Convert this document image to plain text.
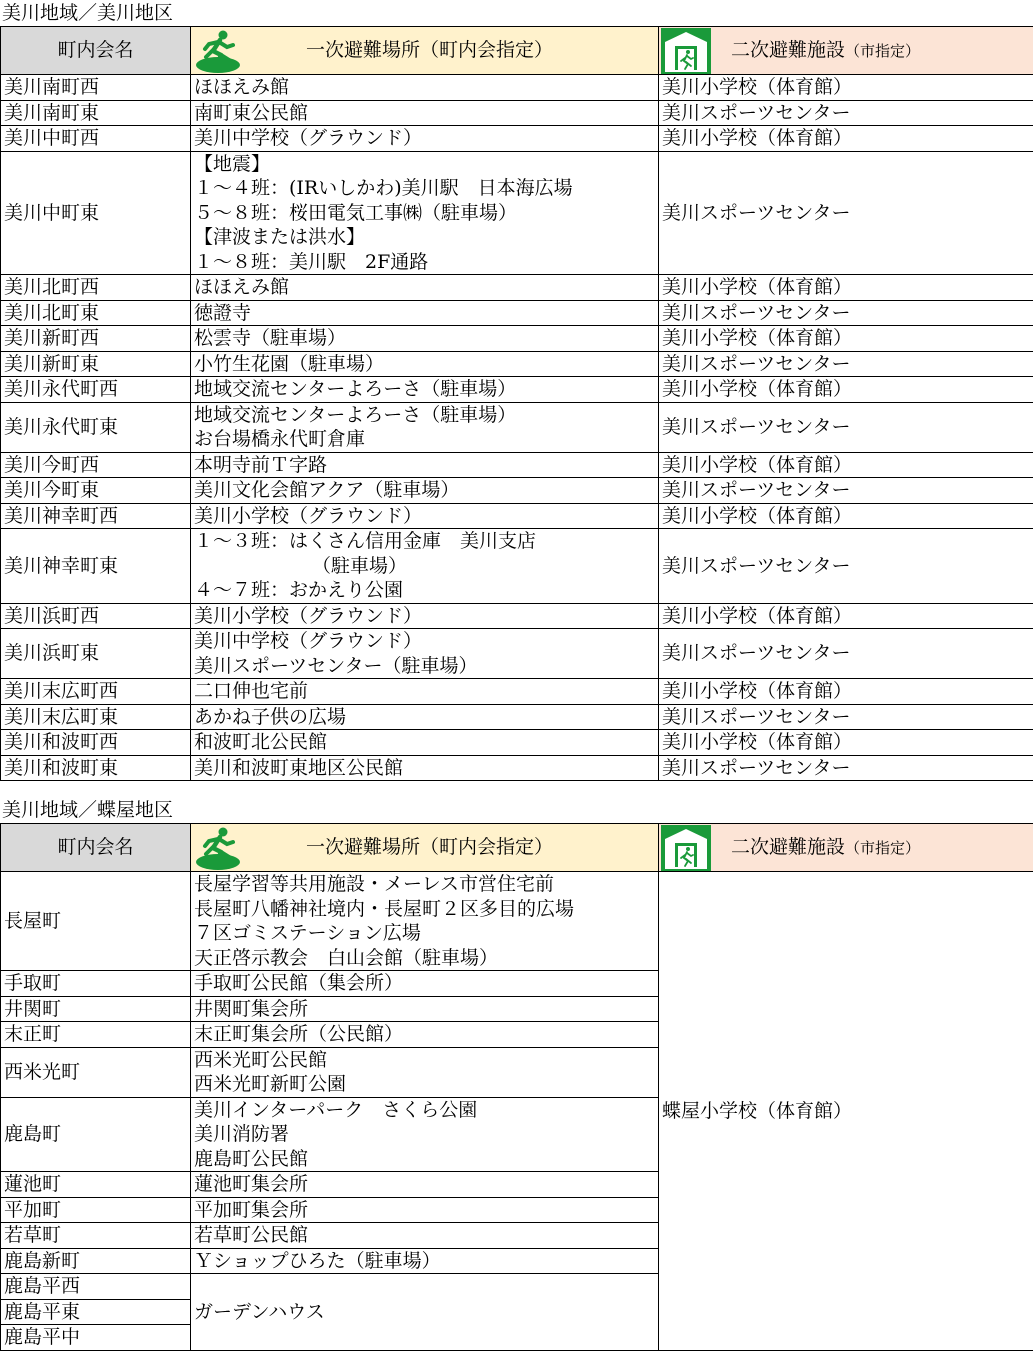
美川地域／美川地区
町内会名	一次避難場所（町内会指定）	二次避難施設（市指定）

美川南町西	ほほえみ館	美川小学校（体育館）
美川南町東	南町東公民館	美川スポーツセンター
美川中町西	美川中学校（グラウンド）	美川小学校（体育館）
美川中町東	【地震】
１～４班：(IRいしかわ)美川駅　日本海広場
５～８班：桜田電気工事㈱（駐車場）
【津波または洪水】
１～８班：美川駅　2F通路	美川スポーツセンター
美川北町西	ほほえみ館	美川小学校（体育館）
美川北町東	徳證寺	美川スポーツセンター
美川新町西	松雲寺（駐車場）	美川小学校（体育館）
美川新町東	小竹生花園（駐車場）	美川スポーツセンター
美川永代町西	地域交流センターよろーさ（駐車場）	美川小学校（体育館）
美川永代町東	地域交流センターよろーさ（駐車場）
お台場橋永代町倉庫	美川スポーツセンター
美川今町西	本明寺前Ｔ字路	美川小学校（体育館）
美川今町東	美川文化会館アクア（駐車場）	美川スポーツセンター
美川神幸町西	美川小学校（グラウンド）	美川小学校（体育館）
美川神幸町東	１～３班：はくさん信用金庫　美川支店
（駐車場）
４～７班：おかえり公園	美川スポーツセンター
美川浜町西	美川小学校（グラウンド）	美川小学校（体育館）
美川浜町東	美川中学校（グラウンド）
美川スポーツセンター（駐車場）	美川スポーツセンター
美川末広町西	二口伸也宅前	美川小学校（体育館）
美川末広町東	あかね子供の広場	美川スポーツセンター
美川和波町西	和波町北公民館	美川小学校（体育館）
美川和波町東	美川和波町東地区公民館	美川スポーツセンター
美川地域／蝶屋地区
町内会名	一次避難場所（町内会指定）	二次避難施設（市指定）

長屋町	長屋学習等共用施設・メーレス市営住宅前
長屋町八幡神社境内・長屋町２区多目的広場
７区ゴミステーション広場
天正啓示教会　白山会館（駐車場）	蝶屋小学校（体育館）
手取町	手取町公民館（集会所）	

井関町	井関町集会所	

末正町	末正町集会所（公民館）	

西米光町	西米光町公民館
西米光町新町公園	

鹿島町	美川インターパーク　さくら公園
美川消防署
鹿島町公民館	

蓮池町	蓮池町集会所	

平加町	平加町集会所	

若草町	若草町公民館	

鹿島新町	Ｙショップひろた（駐車場）	

鹿島平西	ガーデンハウス	
鹿島平東		
鹿島平中		
